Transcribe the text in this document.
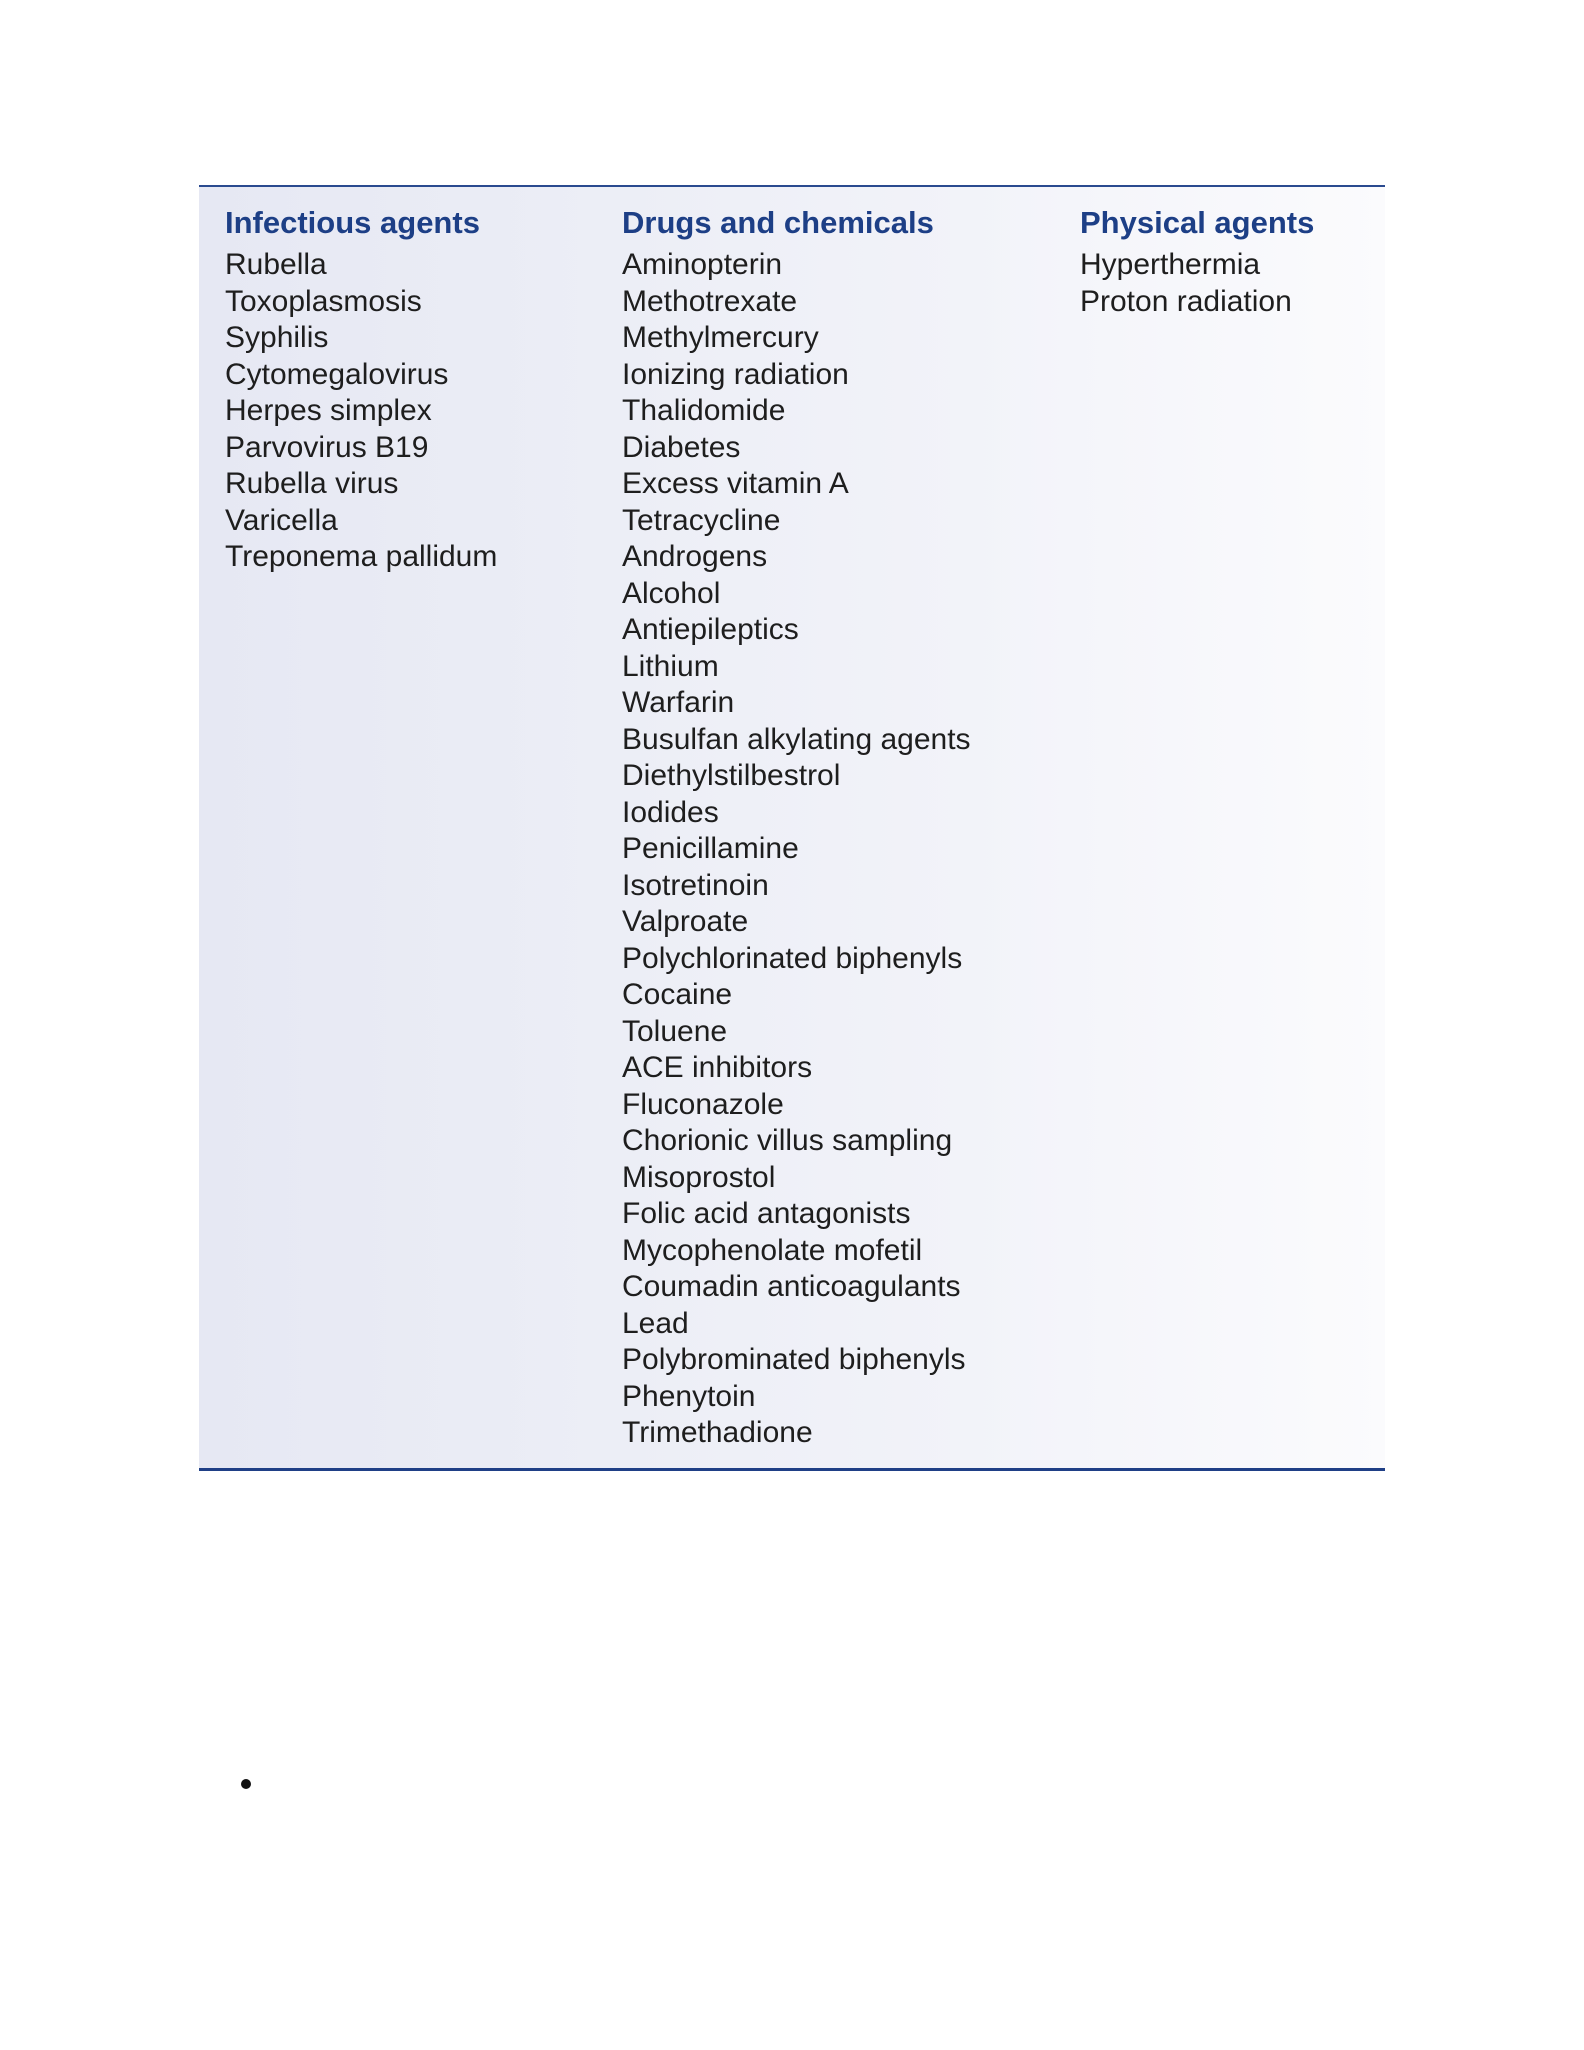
Infectious agents
Rubella
Toxoplasmosis
Syphilis
Cytomegalovirus
Herpes simplex
Parvovirus B19
Rubella virus
Varicella
Treponema pallidum
Drugs and chemicals
Aminopterin
Methotrexate
Methylmercury
Ionizing radiation
Thalidomide
Diabetes
Excess vitamin A
Tetracycline
Androgens
Alcohol
Antiepileptics
Lithium
Warfarin
Busulfan alkylating agents
Diethylstilbestrol
Iodides
Penicillamine
Isotretinoin
Valproate
Polychlorinated biphenyls
Cocaine
Toluene
ACE inhibitors
Fluconazole
Chorionic villus sampling
Misoprostol
Folic acid antagonists
Mycophenolate mofetil
Coumadin anticoagulants
Lead
Polybrominated biphenyls
Phenytoin
Trimethadione
Physical agents
Hyperthermia
Proton radiation
